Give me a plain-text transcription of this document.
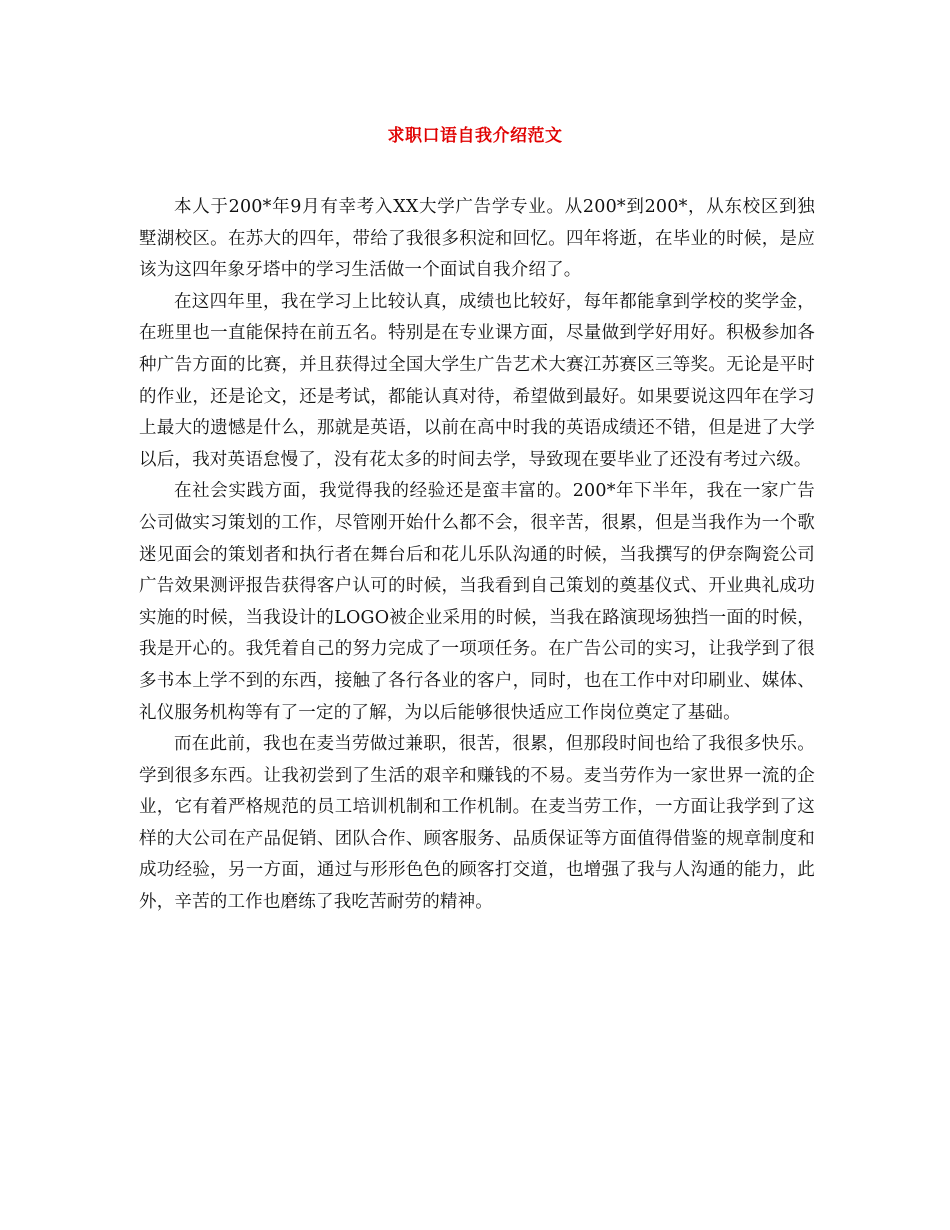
求职口语自我介绍范文

本人于200*年9月有幸考入XX大学广告学专业。从200*到200*，从东校区到独墅湖校区。在苏大的四年，带给了我很多积淀和回忆。四年将逝，在毕业的时候，是应该为这四年象牙塔中的学习生活做一个面试自我介绍了。

在这四年里，我在学习上比较认真，成绩也比较好，每年都能拿到学校的奖学金，在班里也一直能保持在前五名。特别是在专业课方面，尽量做到学好用好。积极参加各种广告方面的比赛，并且获得过全国大学生广告艺术大赛江苏赛区三等奖。无论是平时的作业，还是论文，还是考试，都能认真对待，希望做到最好。如果要说这四年在学习上最大的遗憾是什么，那就是英语，以前在高中时我的英语成绩还不错，但是进了大学以后，我对英语怠慢了，没有花太多的时间去学，导致现在要毕业了还没有考过六级。

在社会实践方面，我觉得我的经验还是蛮丰富的。200*年下半年，我在一家广告公司做实习策划的工作，尽管刚开始什么都不会，很辛苦，很累，但是当我作为一个歌迷见面会的策划者和执行者在舞台后和花儿乐队沟通的时候，当我撰写的伊奈陶瓷公司广告效果测评报告获得客户认可的时候，当我看到自己策划的奠基仪式、开业典礼成功实施的时候，当我设计的LOGO被企业采用的时候，当我在路演现场独挡一面的时候，我是开心的。我凭着自己的努力完成了一项项任务。在广告公司的实习，让我学到了很多书本上学不到的东西，接触了各行各业的客户，同时，也在工作中对印刷业、媒体、礼仪服务机构等有了一定的了解，为以后能够很快适应工作岗位奠定了基础。

而在此前，我也在麦当劳做过兼职，很苦，很累，但那段时间也给了我很多快乐。学到很多东西。让我初尝到了生活的艰辛和赚钱的不易。麦当劳作为一家世界一流的企业，它有着严格规范的员工培训机制和工作机制。在麦当劳工作，一方面让我学到了这样的大公司在产品促销、团队合作、顾客服务、品质保证等方面值得借鉴的规章制度和成功经验，另一方面，通过与形形色色的顾客打交道，也增强了我与人沟通的能力，此外，辛苦的工作也磨练了我吃苦耐劳的精神。
